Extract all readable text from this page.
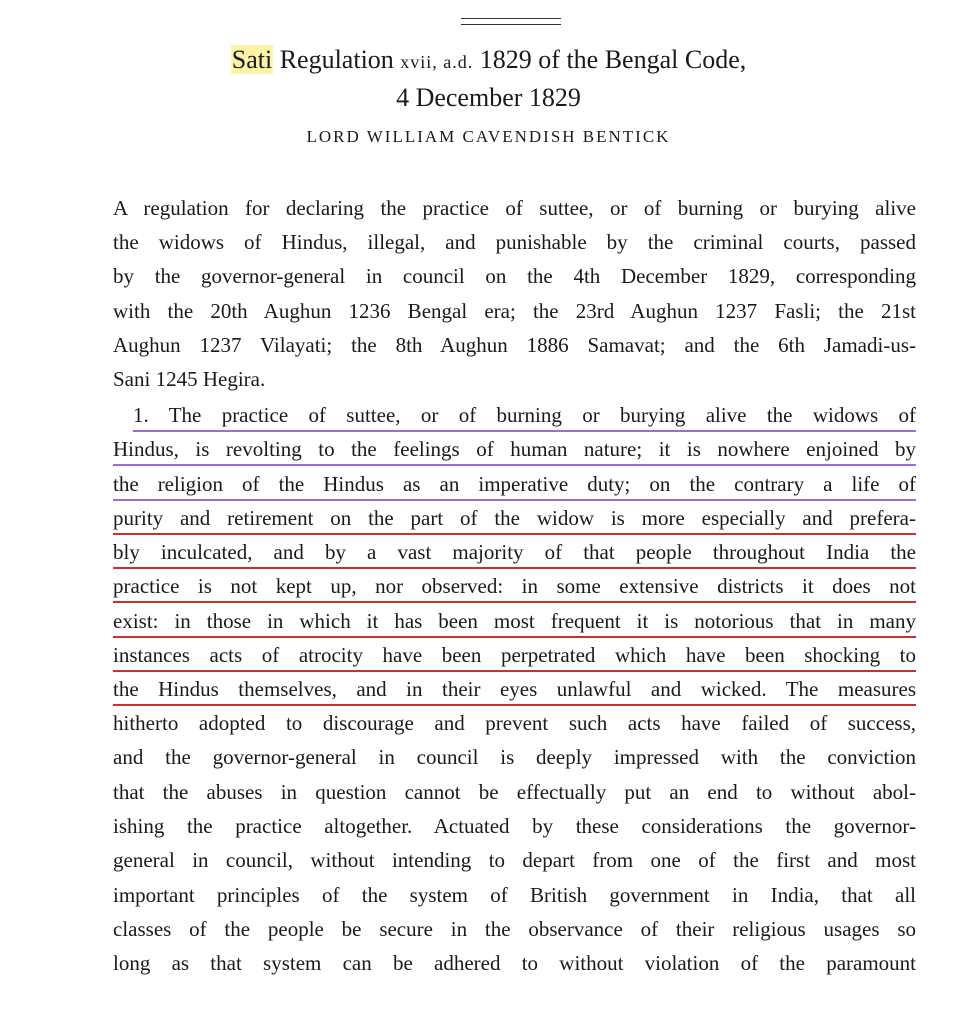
Sati Regulation xvii, a.d. 1829 of the Bengal Code,
4 December 1829
LORD WILLIAM CAVENDISH BENTICK
A regulation for declaring the practice of suttee, or of burning or burying alive
the widows of Hindus, illegal, and punishable by the criminal courts, passed
by the governor-general in council on the 4th December 1829, corresponding
with the 20th Aughun 1236 Bengal era; the 23rd Aughun 1237 Fasli; the 21st
Aughun 1237 Vilayati; the 8th Aughun 1886 Samavat; and the 6th Jamadi-us-
Sani 1245 Hegira.
1. The practice of suttee, or of burning or burying alive the widows of
Hindus, is revolting to the feelings of human nature; it is nowhere enjoined by
the religion of the Hindus as an imperative duty; on the contrary a life of
purity and retirement on the part of the widow is more especially and prefera-
bly inculcated, and by a vast majority of that people throughout India the
practice is not kept up, nor observed: in some extensive districts it does not
exist: in those in which it has been most frequent it is notorious that in many
instances acts of atrocity have been perpetrated which have been shocking to
the Hindus themselves, and in their eyes unlawful and wicked. The measures
hitherto adopted to discourage and prevent such acts have failed of success,
and the governor-general in council is deeply impressed with the conviction
that the abuses in question cannot be effectually put an end to without abol-
ishing the practice altogether. Actuated by these considerations the governor-
general in council, without intending to depart from one of the first and most
important principles of the system of British government in India, that all
classes of the people be secure in the observance of their religious usages so
long as that system can be adhered to without violation of the paramount
